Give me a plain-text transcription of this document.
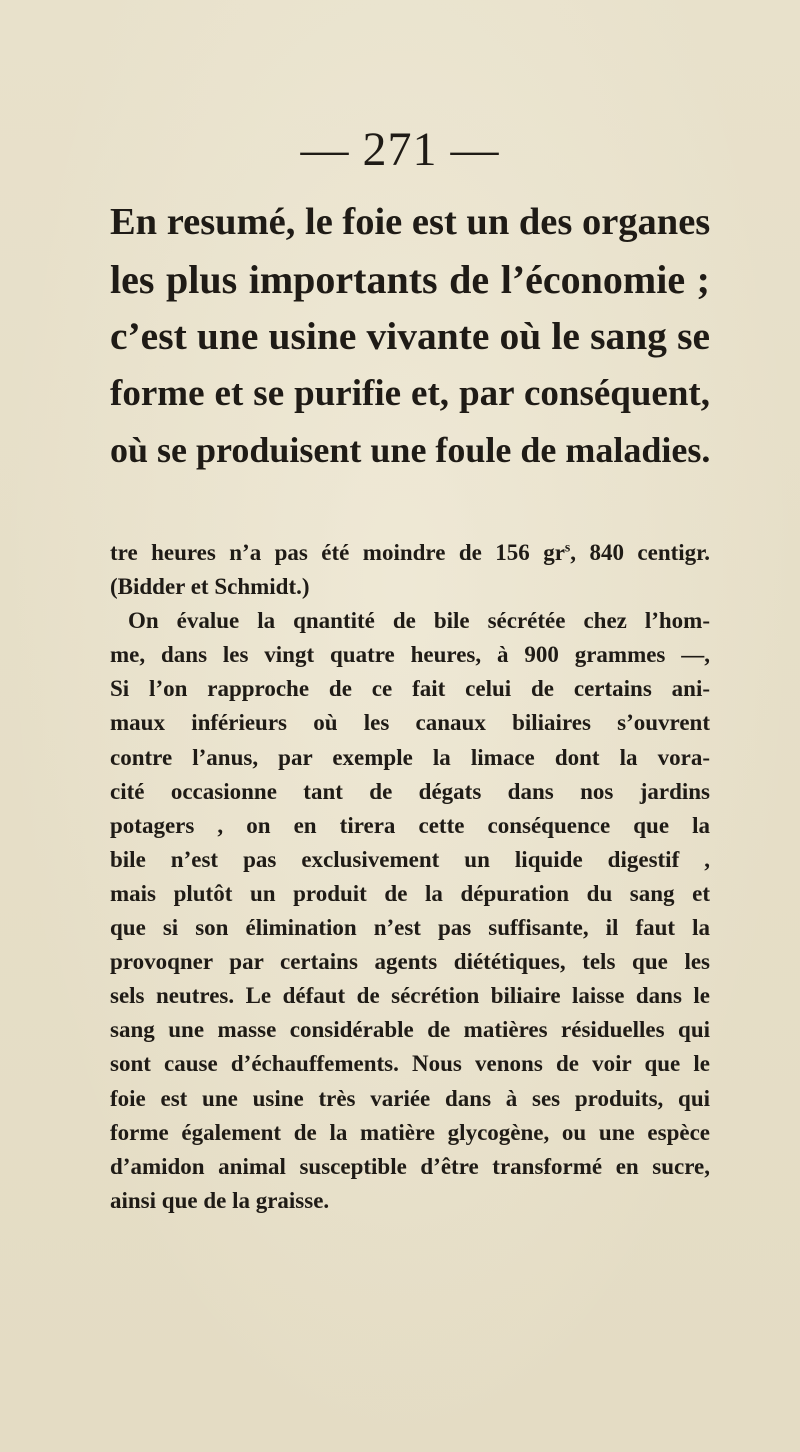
— 271 —
En resumé, le foie est un des organes
les plus importants de l’économie ;
c’est une usine vivante où le sang se
forme et se purifie et, par conséquent,
où se produisent une foule de maladies.
tre heures n’a pas été moindre de 156 $gr^s$, 840 centigr.
(Bidder et Schmidt.)
On évalue la qnantité de bile sécrétée chez l’hom-
me, dans les vingt quatre heures, à 900 grammes —,
Si l’on rapproche de ce fait celui de certains ani-
maux inférieurs où les canaux biliaires s’ouvrent
contre l’anus, par exemple la limace dont la vora-
cité occasionne tant de dégats dans nos jardins
potagers , on en tirera cette conséquence que la
bile n’est pas exclusivement un liquide digestif ,
mais plutôt un produit de la dépuration du sang et
que si son élimination n’est pas suffisante, il faut la
provoqner par certains agents diététiques, tels que les
sels neutres. Le défaut de sécrétion biliaire laisse dans le
sang une masse considérable de matières résiduelles qui
sont cause d’échauffements. Nous venons de voir que le
foie est une usine très variée dans à ses produits, qui
forme également de la matière glycogène, ou une espèce
d’amidon animal susceptible d’être transformé en sucre,
ainsi que de la graisse.
